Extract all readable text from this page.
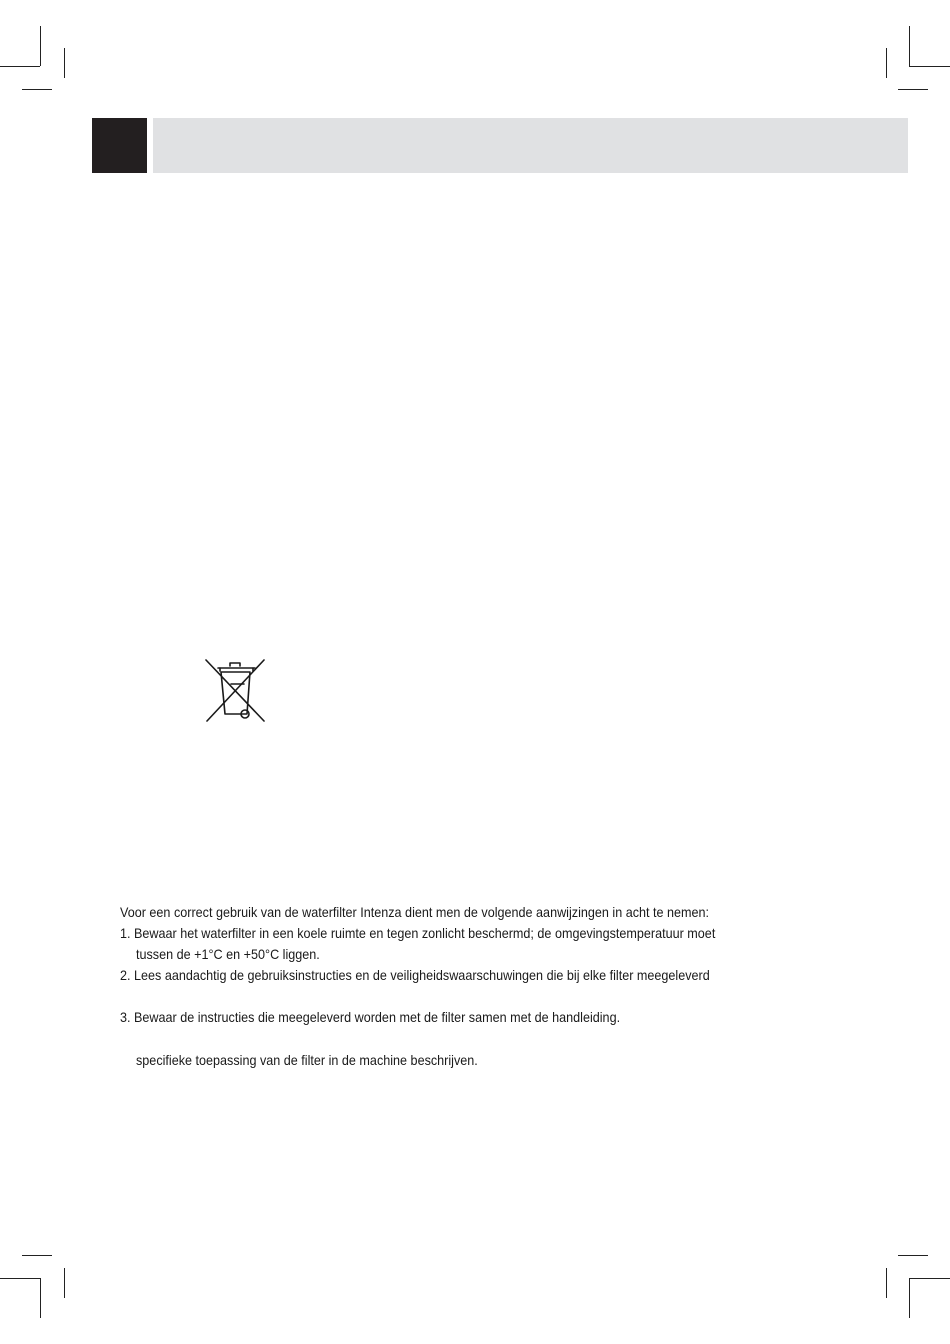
Voor een correct gebruik van de waterfilter Intenza dient men de volgende aanwijzingen in acht te nemen:
1. Bewaar het waterfilter in een koele ruimte en tegen zonlicht beschermd; de omgevingstemperatuur moet
tussen de +1°C en +50°C liggen.
2. Lees aandachtig de gebruiksinstructies en de veiligheidswaarschuwingen die bij elke filter meegeleverd
3. Bewaar de instructies die meegeleverd worden met de filter samen met de handleiding.
specifieke toepassing van de filter in de machine beschrijven.
